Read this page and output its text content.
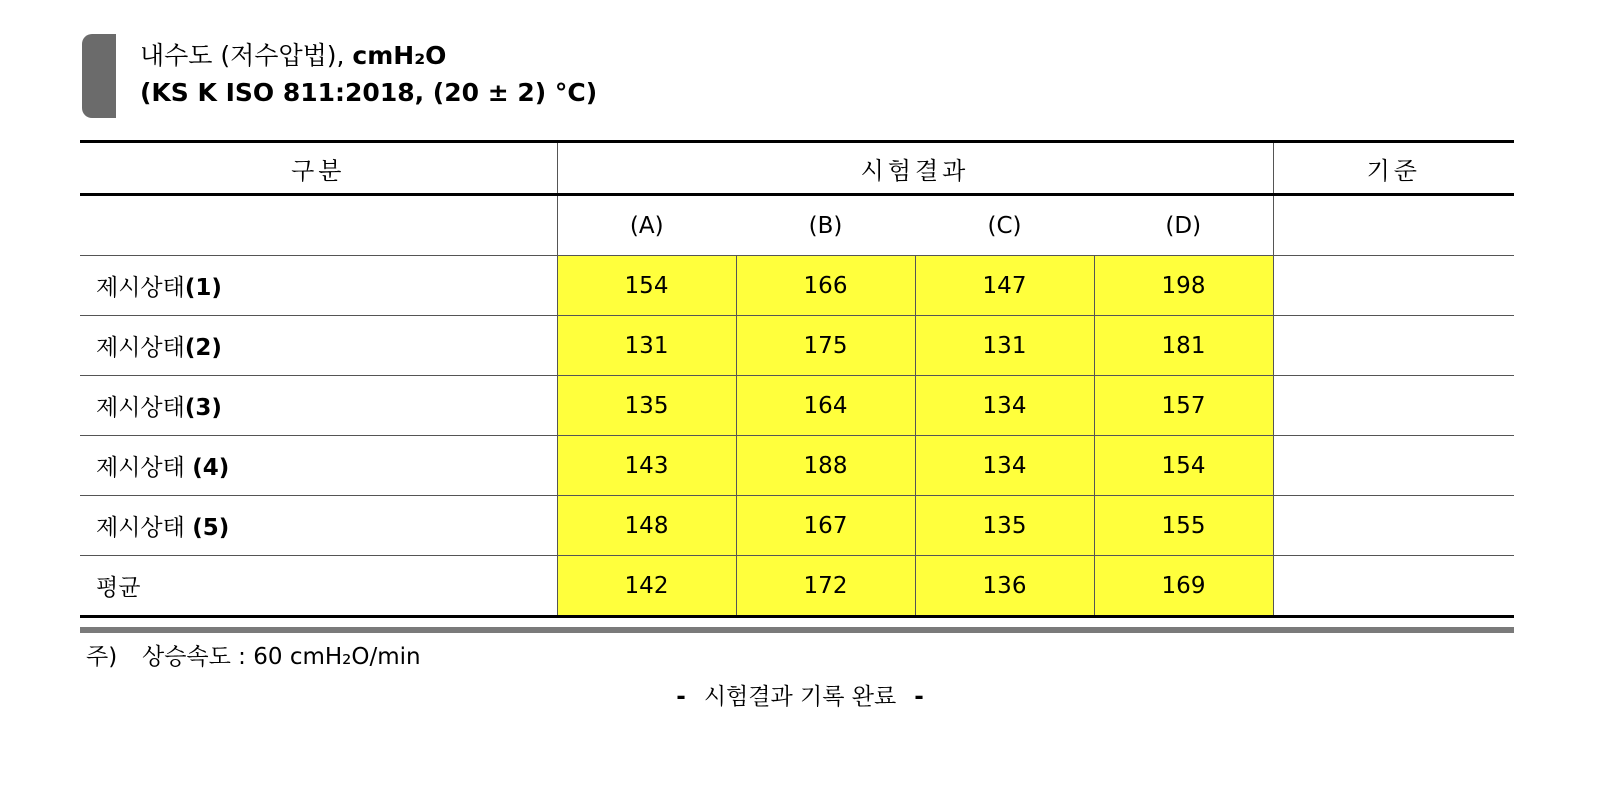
내수도 (저수압법), cmH₂O
(KS K ISO 811:2018, (20 ± 2) °C)
구분	시험결과				기준
	(A)	(B)	(C)	(D)	
제시상태(1)	154	166	147	198	
제시상태(2)	131	175	131	181	
제시상태(3)	135	164	134	157	
제시상태 (4)	143	188	134	154	
제시상태 (5)	148	167	135	155	
평균	142	172	136	169	
주) 상승속도 : 60 cmH₂O/min
- 시험결과 기록 완료 -
